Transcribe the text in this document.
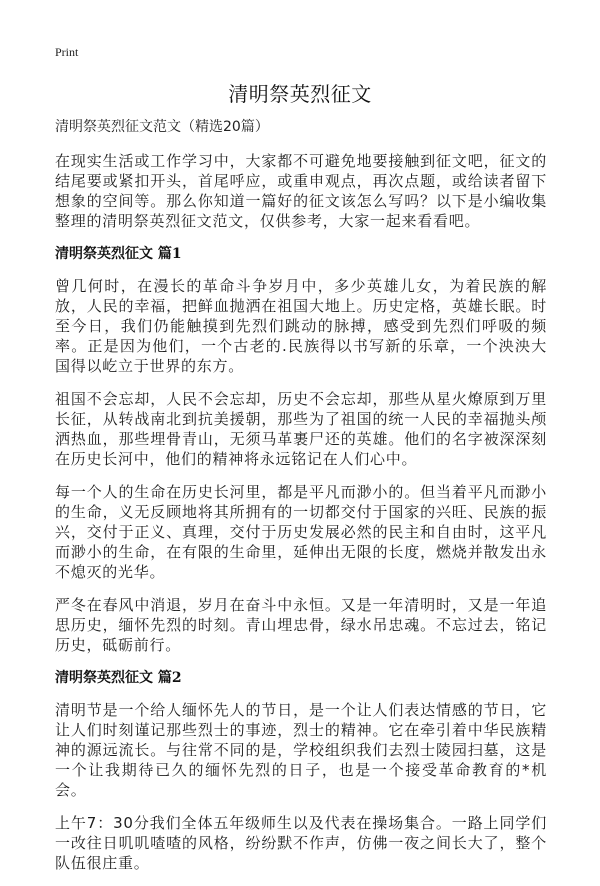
Print
清明祭英烈征文
清明祭英烈征文范文（精选20篇）

在现实生活或工作学习中，大家都不可避免地要接触到征文吧，征文的结尾要或紧扣开头，首尾呼应，或重申观点，再次点题，或给读者留下想象的空间等。那么你知道一篇好的征文该怎么写吗？以下是小编收集整理的清明祭英烈征文范文，仅供参考，大家一起来看看吧。

清明祭英烈征文 篇1

曾几何时，在漫长的革命斗争岁月中，多少英雄儿女，为着民族的解放，人民的幸福，把鲜血抛洒在祖国大地上。历史定格，英雄长眠。时至今日，我们仍能触摸到先烈们跳动的脉搏，感受到先烈们呼吸的频率。正是因为他们，一个古老的.民族得以书写新的乐章，一个泱泱大国得以屹立于世界的东方。

祖国不会忘却，人民不会忘却，历史不会忘却，那些从星火燎原到万里长征，从转战南北到抗美援朝，那些为了祖国的统一人民的幸福抛头颅洒热血，那些埋骨青山，无须马革裹尸还的英雄。他们的名字被深深刻在历史长河中，他们的精神将永远铭记在人们心中。

每一个人的生命在历史长河里，都是平凡而渺小的。但当着平凡而渺小的生命，义无反顾地将其所拥有的一切都交付于国家的兴旺、民族的振兴，交付于正义、真理，交付于历史发展必然的民主和自由时，这平凡而渺小的生命，在有限的生命里，延伸出无限的长度，燃烧并散发出永不熄灭的光华。

严冬在春风中消退，岁月在奋斗中永恒。又是一年清明时，又是一年追思历史，缅怀先烈的时刻。青山埋忠骨，绿水吊忠魂。不忘过去，铭记历史，砥砺前行。

清明祭英烈征文 篇2

清明节是一个给人缅怀先人的节日，是一个让人们表达情感的节日，它让人们时刻谨记那些烈士的事迹，烈士的精神。它在牵引着中华民族精神的源远流长。与往常不同的是，学校组织我们去烈士陵园扫墓，这是一个让我期待已久的缅怀先烈的日子，也是一个接受革命教育的*机会。

上午7：30分我们全体五年级师生以及代表在操场集合。一路上同学们一改往日叽叽喳喳的风格，纷纷默不作声，仿佛一夜之间长大了，整个队伍很庄重。
